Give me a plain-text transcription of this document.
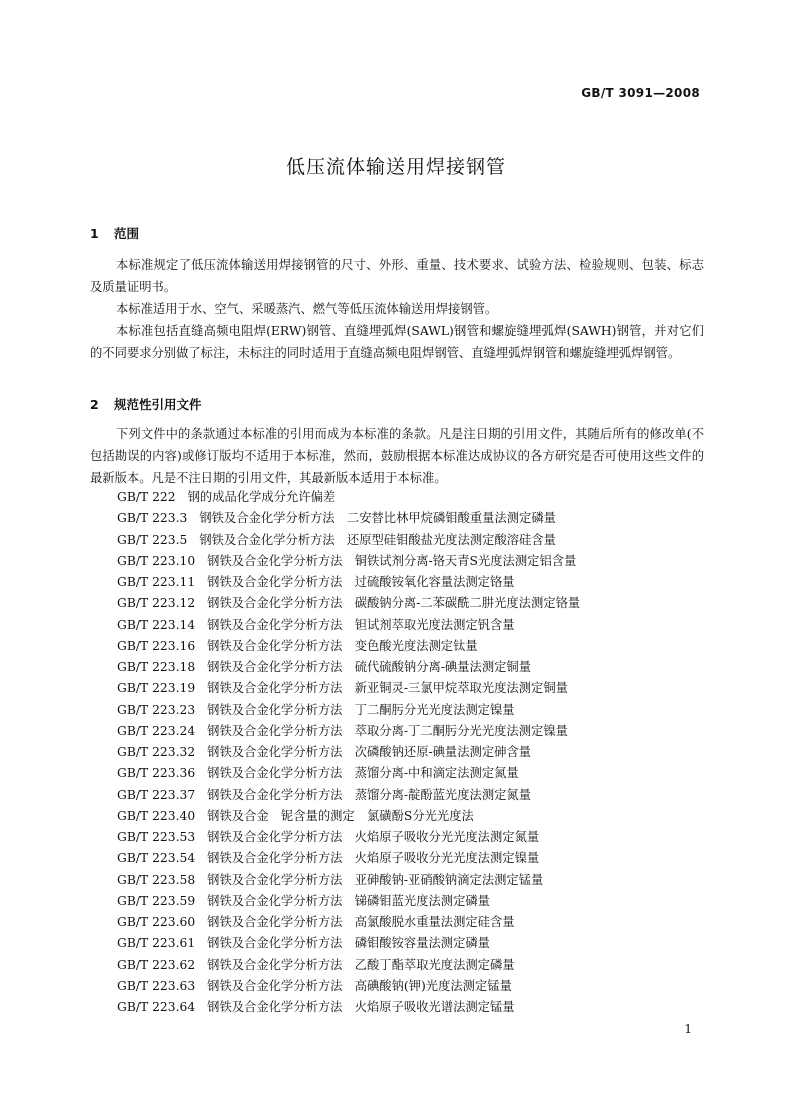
GB/T 3091—2008
低压流体输送用焊接钢管
1 范围

本标准规定了低压流体输送用焊接钢管的尺寸、外形、重量、技术要求、试验方法、检验规则、包装、标志及质量证明书。

本标准适用于水、空气、采暖蒸汽、燃气等低压流体输送用焊接钢管。

本标准包括直缝高频电阻焊(ERW)钢管、直缝埋弧焊(SAWL)钢管和螺旋缝埋弧焊(SAWH)钢管，并对它们的不同要求分别做了标注，未标注的同时适用于直缝高频电阻焊钢管、直缝埋弧焊钢管和螺旋缝埋弧焊钢管。

2 规范性引用文件

下列文件中的条款通过本标准的引用而成为本标准的条款。凡是注日期的引用文件，其随后所有的修改单(不包括勘误的内容)或修订版均不适用于本标准，然而，鼓励根据本标准达成协议的各方研究是否可使用这些文件的最新版本。凡是不注日期的引用文件，其最新版本适用于本标准。

GB/T 222 钢的成品化学成分允许偏差
GB/T 223.3 钢铁及合金化学分析方法　二安替比林甲烷磷钼酸重量法测定磷量
GB/T 223.5 钢铁及合金化学分析方法　还原型硅钼酸盐光度法测定酸溶硅含量
GB/T 223.10 钢铁及合金化学分析方法　铜铁试剂分离-铬天青S光度法测定铝含量
GB/T 223.11 钢铁及合金化学分析方法　过硫酸铵氧化容量法测定铬量
GB/T 223.12 钢铁及合金化学分析方法　碳酸钠分离-二苯碳酰二肼光度法测定铬量
GB/T 223.14 钢铁及合金化学分析方法　钽试剂萃取光度法测定钒含量
GB/T 223.16 钢铁及合金化学分析方法　变色酸光度法测定钛量
GB/T 223.18 钢铁及合金化学分析方法　硫代硫酸钠分离-碘量法测定铜量
GB/T 223.19 钢铁及合金化学分析方法　新亚铜灵-三氯甲烷萃取光度法测定铜量
GB/T 223.23 钢铁及合金化学分析方法　丁二酮肟分光光度法测定镍量
GB/T 223.24 钢铁及合金化学分析方法　萃取分离-丁二酮肟分光光度法测定镍量
GB/T 223.32 钢铁及合金化学分析方法　次磷酸钠还原-碘量法测定砷含量
GB/T 223.36 钢铁及合金化学分析方法　蒸馏分离-中和滴定法测定氮量
GB/T 223.37 钢铁及合金化学分析方法　蒸馏分离-靛酚蓝光度法测定氮量
GB/T 223.40 钢铁及合金　铌含量的测定　氯磺酚S分光光度法
GB/T 223.53 钢铁及合金化学分析方法　火焰原子吸收分光光度法测定氮量
GB/T 223.54 钢铁及合金化学分析方法　火焰原子吸收分光光度法测定镍量
GB/T 223.58 钢铁及合金化学分析方法　亚砷酸钠-亚硝酸钠滴定法测定锰量
GB/T 223.59 钢铁及合金化学分析方法　锑磷钼蓝光度法测定磷量
GB/T 223.60 钢铁及合金化学分析方法　高氯酸脱水重量法测定硅含量
GB/T 223.61 钢铁及合金化学分析方法　磷钼酸铵容量法测定磷量
GB/T 223.62 钢铁及合金化学分析方法　乙酸丁酯萃取光度法测定磷量
GB/T 223.63 钢铁及合金化学分析方法　高碘酸钠(钾)光度法测定锰量
GB/T 223.64 钢铁及合金化学分析方法　火焰原子吸收光谱法测定锰量
1
